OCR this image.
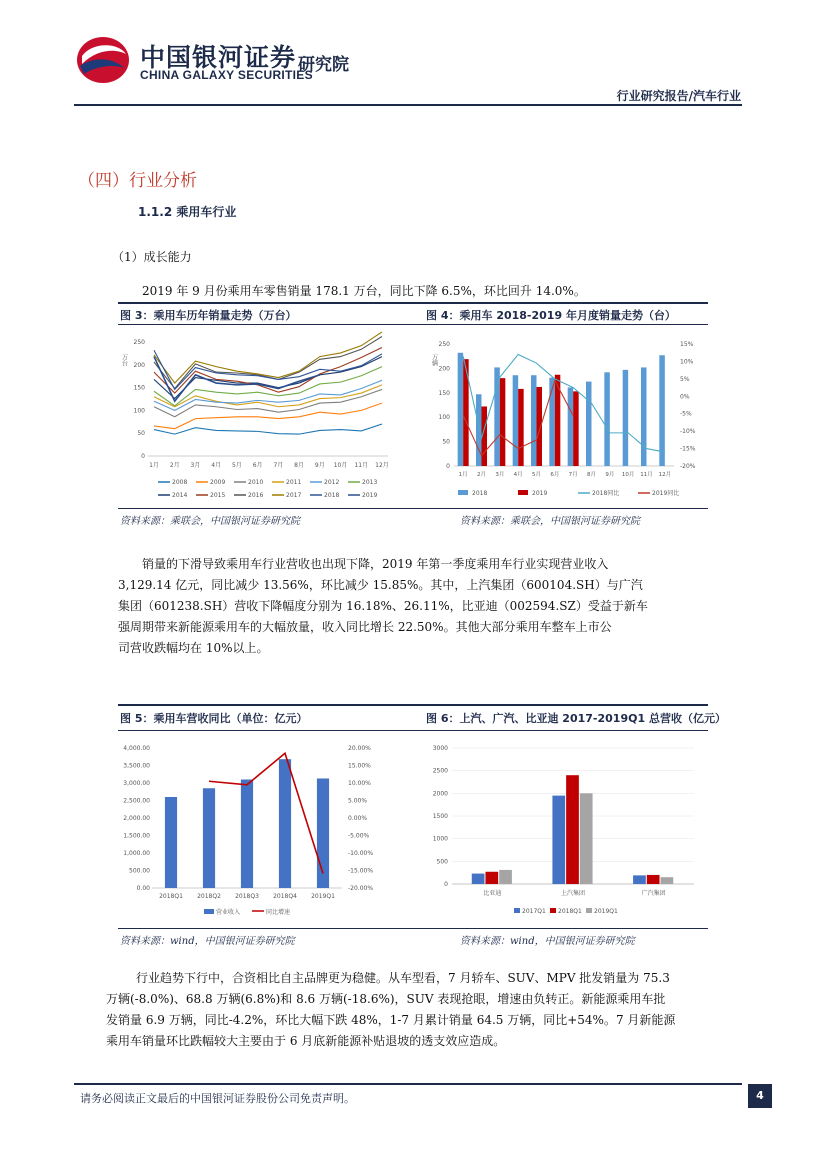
中国银河证券
CHINA GALAXY SECURITIES
研究院
行业研究报告/汽车行业
（四）行业分析
1.1.2 乘用车行业
（1）成长能力
2019 年 9 月份乘用车零售销量 178.1 万台，同比下降 6.5%，环比回升 14.0%。
图 3：乘用车历年销量走势（万台）	图 4：乘用车 2018-2019 年月度销量走势（台）
万台
0
50
100
150
200
250
1月 2月 3月 4月 5月 6月 7月 8月 9月 10月 11月 12月
2008	2009	2010	2011	2012	2013
2014	2015	2016	2017	2018	2019
万辆
0
50
100
150
200
250
-20%
-15%
-10%
-5%
0%
5%
10%
15%
1月 2月 3月 4月 5月 6月 7月 8月 9月 10月 11月 12月
2018	2019	2018同比	2019同比
资料来源：乘联会，中国银河证券研究院	资料来源：乘联会，中国银河证券研究院
销量的下滑导致乘用车行业营收也出现下降，2019 年第一季度乘用车行业实现营业收入
3,129.14 亿元，同比减少 13.56%，环比减少 15.85%。其中，上汽集团（600104.SH）与广汽
集团（601238.SH）营收下降幅度分别为 16.18%、26.11%，比亚迪（002594.SZ）受益于新车
强周期带来新能源乘用车的大幅放量，收入同比增长 22.50%。其他大部分乘用车整车上市公
司营收跌幅均在 10%以上。
图 5：乘用车营收同比（单位：亿元）	图 6：上汽、广汽、比亚迪 2017-2019Q1 总营收（亿元）
0.00
500.00
1,000.00
1,500.00
2,000.00
2,500.00
3,000.00
3,500.00
4,000.00
-20.00%
-15.00%
-10.00%
-5.00%
0.00%
5.00%
10.00%
15.00%
20.00%
2018Q1 2018Q2 2018Q3 2018Q4 2019Q1
营业收入	同比增速
0
500
1000
1500
2000
2500
3000
比亚迪	上汽集团	广汽集团
2017Q1 2018Q1 2019Q1
资料来源：wind，中国银河证券研究院	资料来源：wind，中国银河证券研究院
行业趋势下行中，合资相比自主品牌更为稳健。从车型看，7 月轿车、SUV、MPV 批发销量为 75.3
万辆(-8.0%)、68.8 万辆(6.8%)和 8.6 万辆(-18.6%)，SUV 表现抢眼，增速由负转正。新能源乘用车批
发销量 6.9 万辆，同比-4.2%，环比大幅下跌 48%，1-7 月累计销量 64.5 万辆，同比+54%。7 月新能源
乘用车销量环比跌幅较大主要由于 6 月底新能源补贴退坡的透支效应造成。
请务必阅读正文最后的中国银河证券股份公司免责声明。	4
